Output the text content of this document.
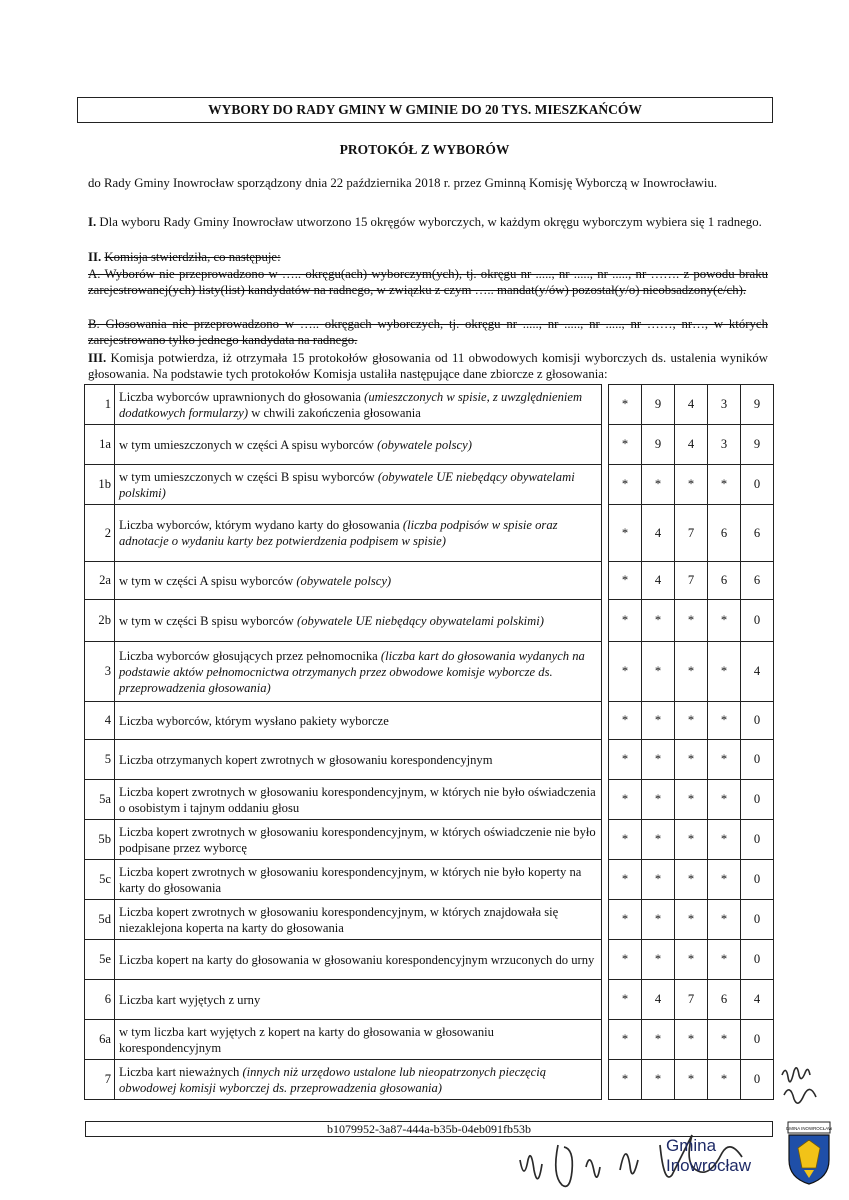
WYBORY DO RADY GMINY W GMINIE DO 20 TYS. MIESZKAŃCÓW
PROTOKÓŁ Z WYBORÓW
do Rady Gminy Inowrocław sporządzony dnia 22 października 2018 r. przez Gminną Komisję Wyborczą w Inowrocławiu.
I. Dla wyboru Rady Gminy Inowrocław utworzono 15 okręgów wyborczych, w każdym okręgu wyborczym wybiera się 1 radnego.
II. Komisja stwierdziła, co następuje:
A. Wyborów nie przeprowadzono w ….. okręgu(ach) wyborczym(ych), tj. okręgu nr ....., nr ....., nr ....., nr ……. z powodu braku zarejestrowanej(ych) listy(list) kandydatów na radnego, w związku z czym ….. mandat(y/ów) pozostał(y/o) nieobsadzony(e/ch).
B. Głosowania nie przeprowadzono w ….. okręgach wyborczych, tj. okręgu nr ....., nr ....., nr ....., nr ……, nr…, w których zarejestrowano tylko jednego kandydata na radnego.
III. Komisja potwierdza, iż otrzymała 15 protokołów głosowania od 11 obwodowych komisji wyborczych ds. ustalenia wyników głosowania. Na podstawie tych protokołów Komisja ustaliła następujące dane zbiorcze z głosowania:
1	Liczba wyborców uprawnionych do głosowania (umieszczonych w spisie, z uwzględnieniem dodatkowych formularzy) w chwili zakończenia głosowania		*	9	4	3	9
1a	w tym umieszczonych w części A spisu wyborców (obywatele polscy)		*	9	4	3	9
1b	w tym umieszczonych w części B spisu wyborców (obywatele UE niebędący obywatelami polskimi)		*	*	*	*	0
2	Liczba wyborców, którym wydano karty do głosowania (liczba podpisów w spisie oraz adnotacje o wydaniu karty bez potwierdzenia podpisem w spisie)		*	4	7	6	6
2a	w tym w części A spisu wyborców (obywatele polscy)		*	4	7	6	6
2b	w tym w części B spisu wyborców (obywatele UE niebędący obywatelami polskimi)		*	*	*	*	0
3	Liczba wyborców głosujących przez pełnomocnika (liczba kart do głosowania wydanych na podstawie aktów pełnomocnictwa otrzymanych przez obwodowe komisje wyborcze ds. przeprowadzenia głosowania)		*	*	*	*	4
4	Liczba wyborców, którym wysłano pakiety wyborcze		*	*	*	*	0
5	Liczba otrzymanych kopert zwrotnych w głosowaniu korespondencyjnym		*	*	*	*	0
5a	Liczba kopert zwrotnych w głosowaniu korespondencyjnym, w których nie było oświadczenia o osobistym i tajnym oddaniu głosu		*	*	*	*	0
5b	Liczba kopert zwrotnych w głosowaniu korespondencyjnym, w których oświadczenie nie było podpisane przez wyborcę		*	*	*	*	0
5c	Liczba kopert zwrotnych w głosowaniu korespondencyjnym, w których nie było koperty na karty do głosowania		*	*	*	*	0
5d	Liczba kopert zwrotnych w głosowaniu korespondencyjnym, w których znajdowała się niezaklejona koperta na karty do głosowania		*	*	*	*	0
5e	Liczba kopert na karty do głosowania w głosowaniu korespondencyjnym wrzuconych do urny		*	*	*	*	0
6	Liczba kart wyjętych z urny		*	4	7	6	4
6a	w tym liczba kart wyjętych z kopert na karty do głosowania w głosowaniu korespondencyjnym		*	*	*	*	0
7	Liczba kart nieważnych (innych niż urzędowo ustalone lub nieopatrzonych pieczęcią obwodowej komisji wyborczej ds. przeprowadzenia głosowania)		*	*	*	*	0
b1079952-3a87-444a-b35b-04eb091fb53b
Gmina
Inowrocław
GMINA INOWROCŁAW
